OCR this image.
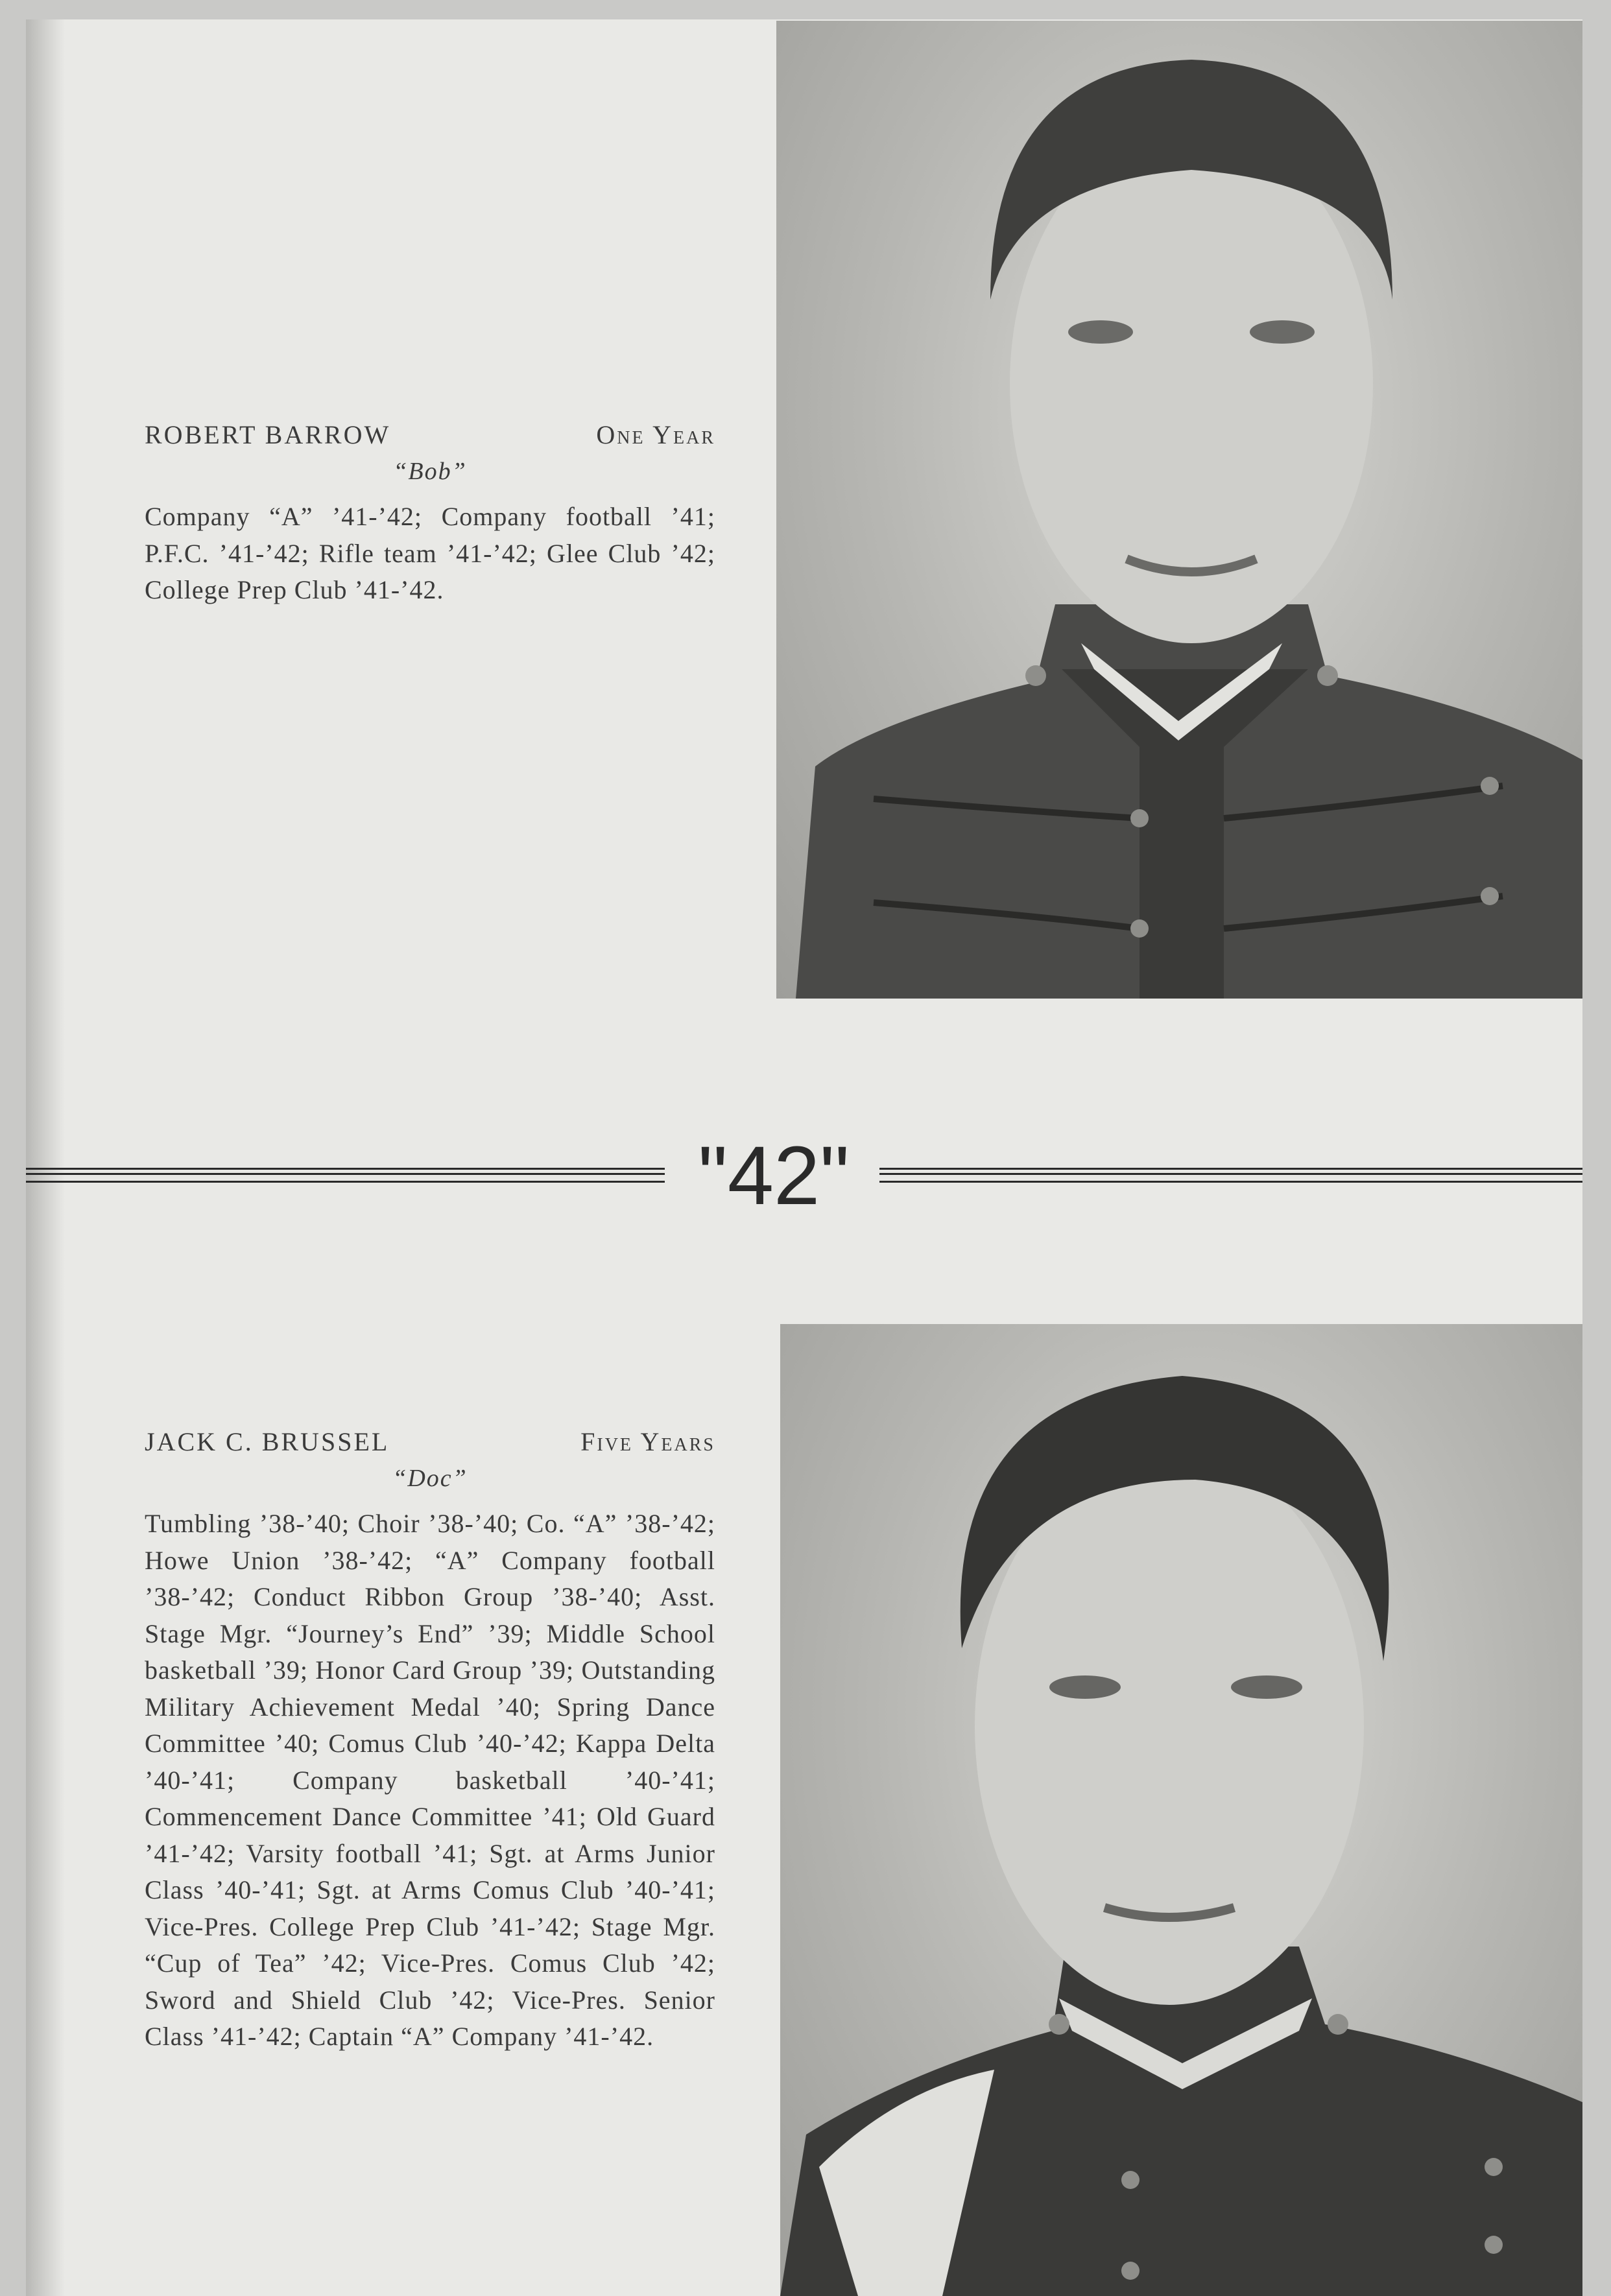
ROBERT BARROW	One Year
“Bob”
Company “A” ’41-’42; Company football ’41; P.F.C. ’41-’42; Rifle team ’41-’42; Glee Club ’42; College Prep Club ’41-’42.
"42"
JACK C. BRUSSEL	Five Years
“Doc”
Tumbling ’38-’40; Choir ’38-’40; Co. “A” ’38-’42; Howe Union ’38-’42; “A” Company football ’38-’42; Conduct Ribbon Group ’38-’40; Asst. Stage Mgr. “Journey’s End” ’39; Middle School basketball ’39; Honor Card Group ’39; Outstanding Military Achievement Medal ’40; Spring Dance Committee ’40; Comus Club ’40-’42; Kappa Delta ’40-’41; Company basketball ’40-’41; Commencement Dance Committee ’41; Old Guard ’41-’42; Varsity football ’41; Sgt. at Arms Junior Class ’40-’41; Sgt. at Arms Comus Club ’40-’41; Vice-Pres. College Prep Club ’41-’42; Stage Mgr. “Cup of Tea” ’42; Vice-Pres. Comus Club ’42; Sword and Shield Club ’42; Vice-Pres. Senior Class ’41-’42; Captain “A” Company ’41-’42.
